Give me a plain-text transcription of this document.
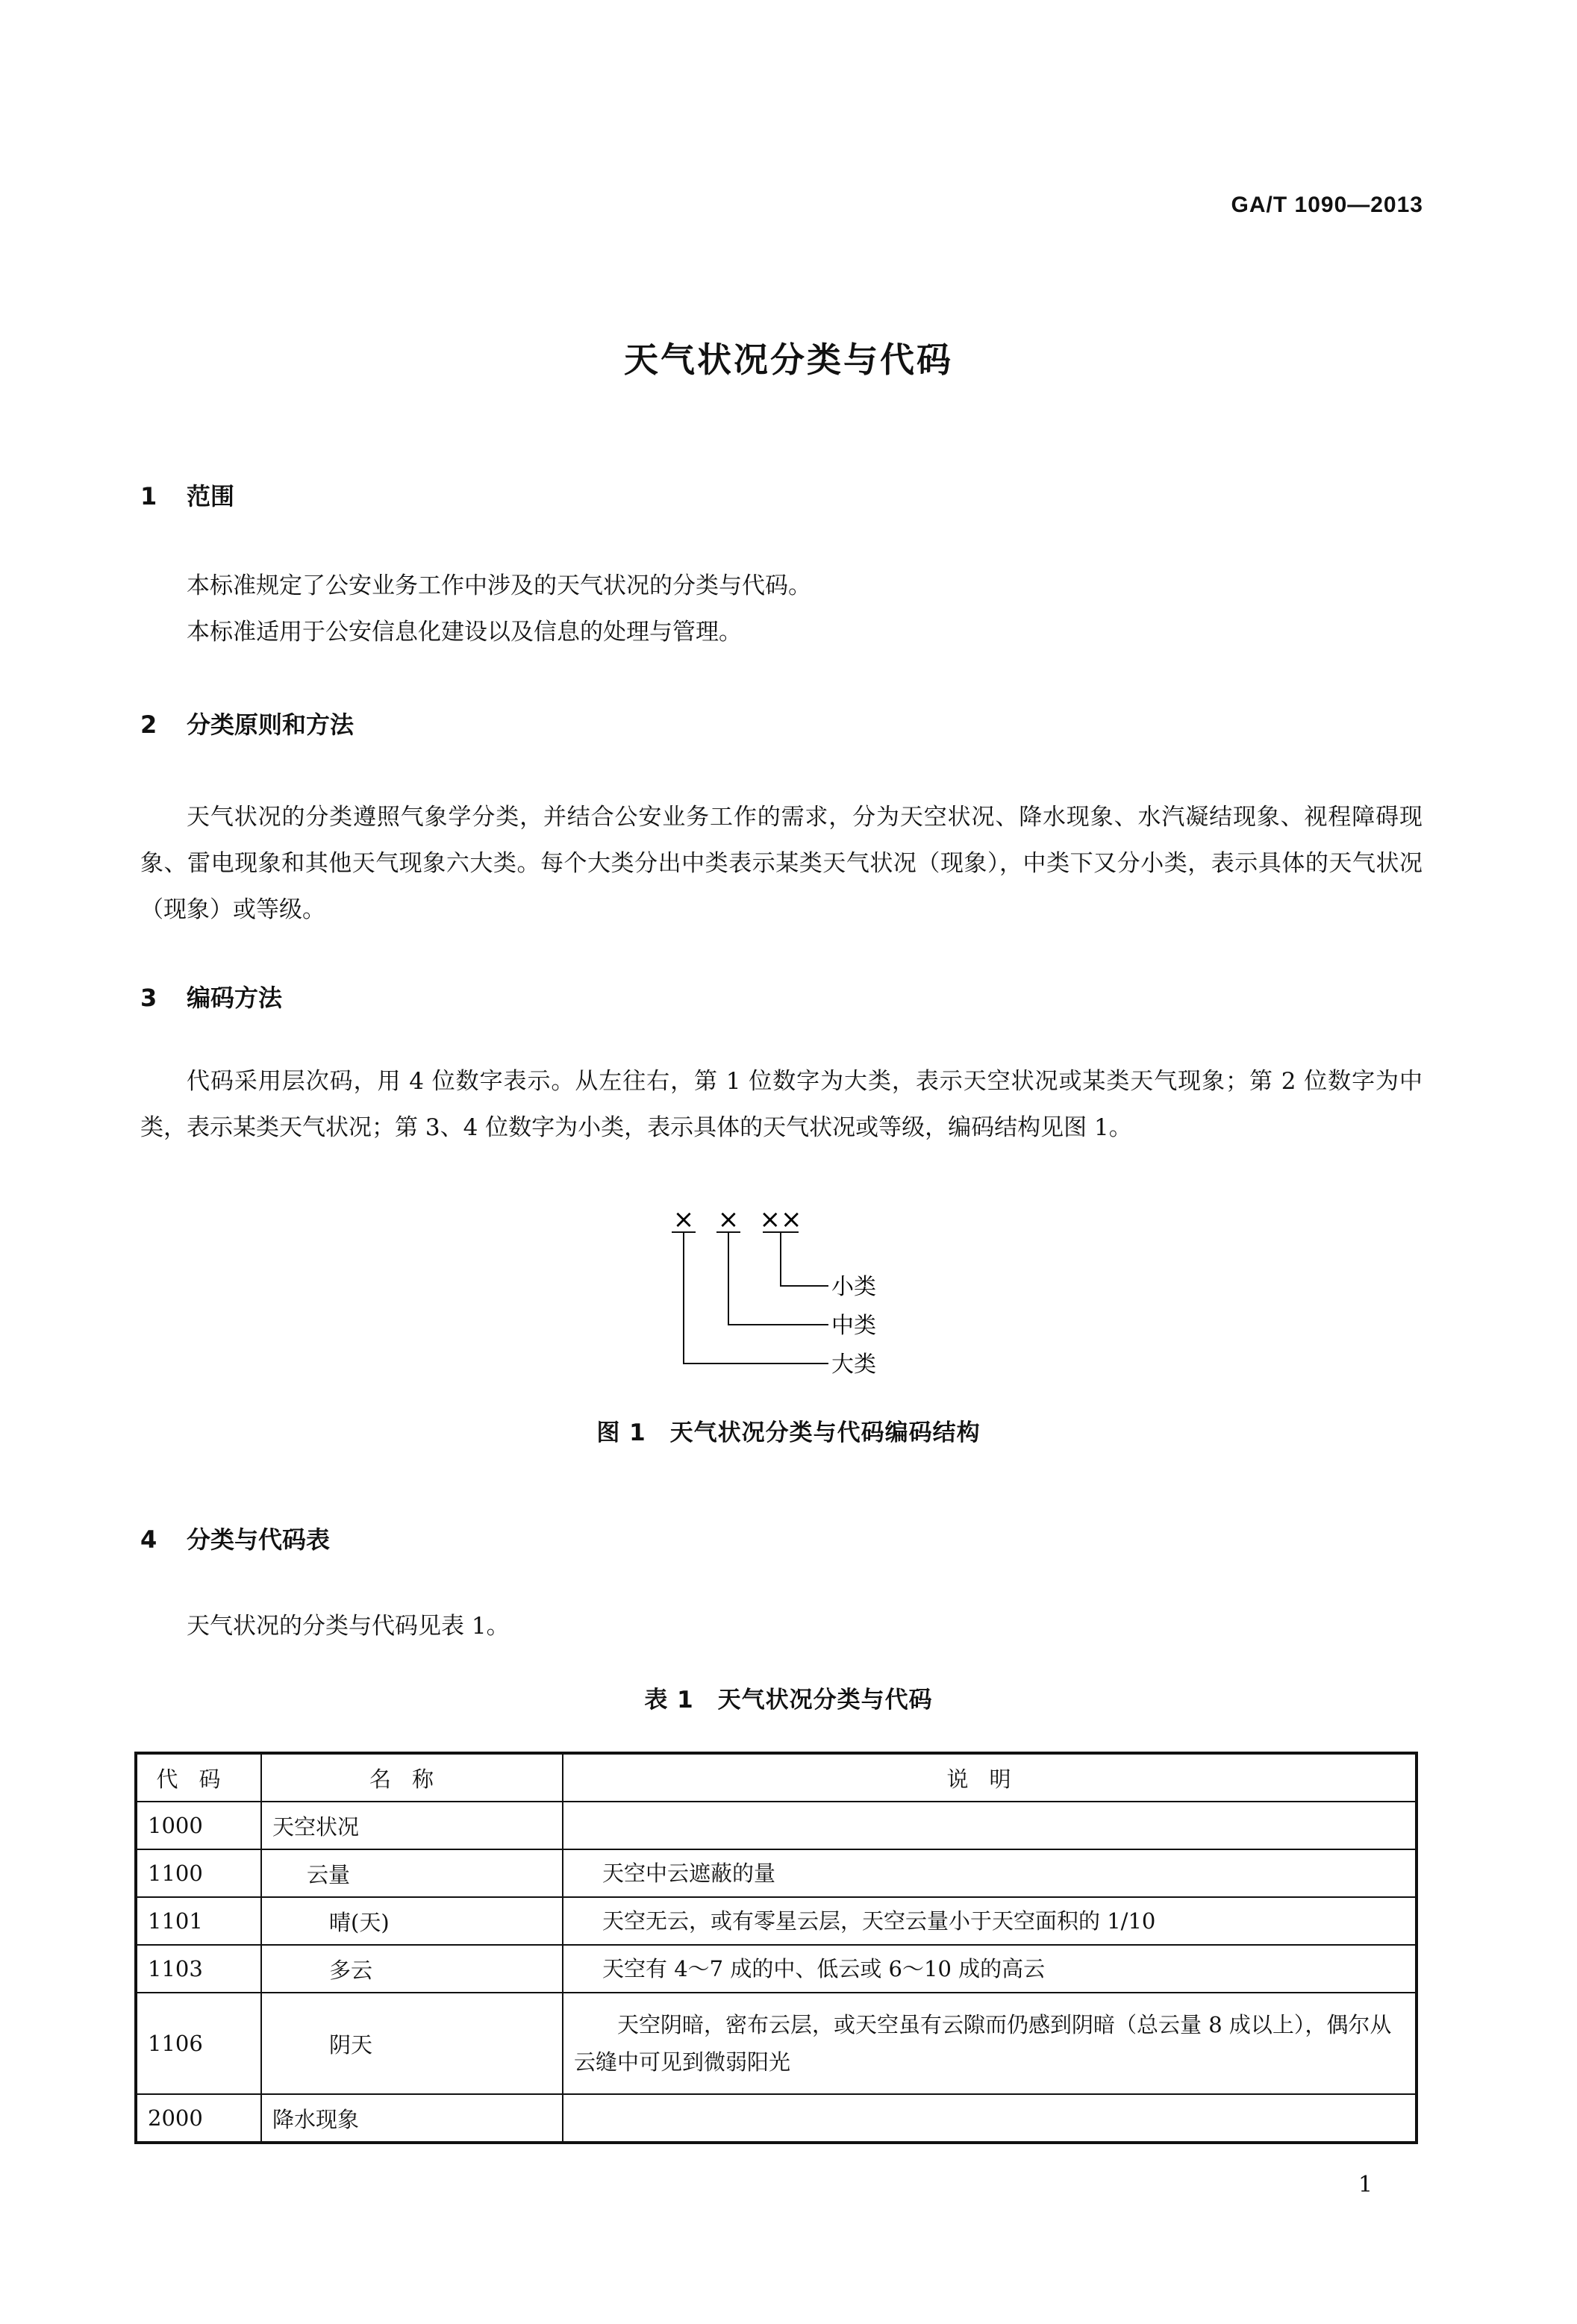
GA/T 1090—2013
天气状况分类与代码
1 范围

本标准规定了公安业务工作中涉及的天气状况的分类与代码。

本标准适用于公安信息化建设以及信息的处理与管理。

2 分类原则和方法

天气状况的分类遵照气象学分类，并结合公安业务工作的需求，分为天空状况、降水现象、水汽凝结现象、视程障碍现象、雷电现象和其他天气现象六大类。每个大类分出中类表示某类天气状况（现象），中类下又分小类，表示具体的天气状况（现象）或等级。

3 编码方法

代码采用层次码，用 4 位数字表示。从左往右，第 1 位数字为大类，表示天空状况或某类天气现象；第 2 位数字为中类，表示某类天气状况；第 3、4 位数字为小类，表示具体的天气状况或等级，编码结构见图 1。

× × ××
小类
中类
大类
图 1　天气状况分类与代码编码结构
4 分类与代码表

天气状况的分类与代码见表 1。

表 1　天气状况分类与代码
代码	名称	说明
1000	天空状况	
1100	云量	天空中云遮蔽的量
1101	晴(天)	天空无云，或有零星云层，天空云量小于天空面积的 1/10
1103	多云	天空有 4～7 成的中、低云或 6～10 成的高云
1106	阴天	天空阴暗，密布云层，或天空虽有云隙而仍感到阴暗（总云量 8 成以上），偶尔从云缝中可见到微弱阳光
2000	降水现象	
1
